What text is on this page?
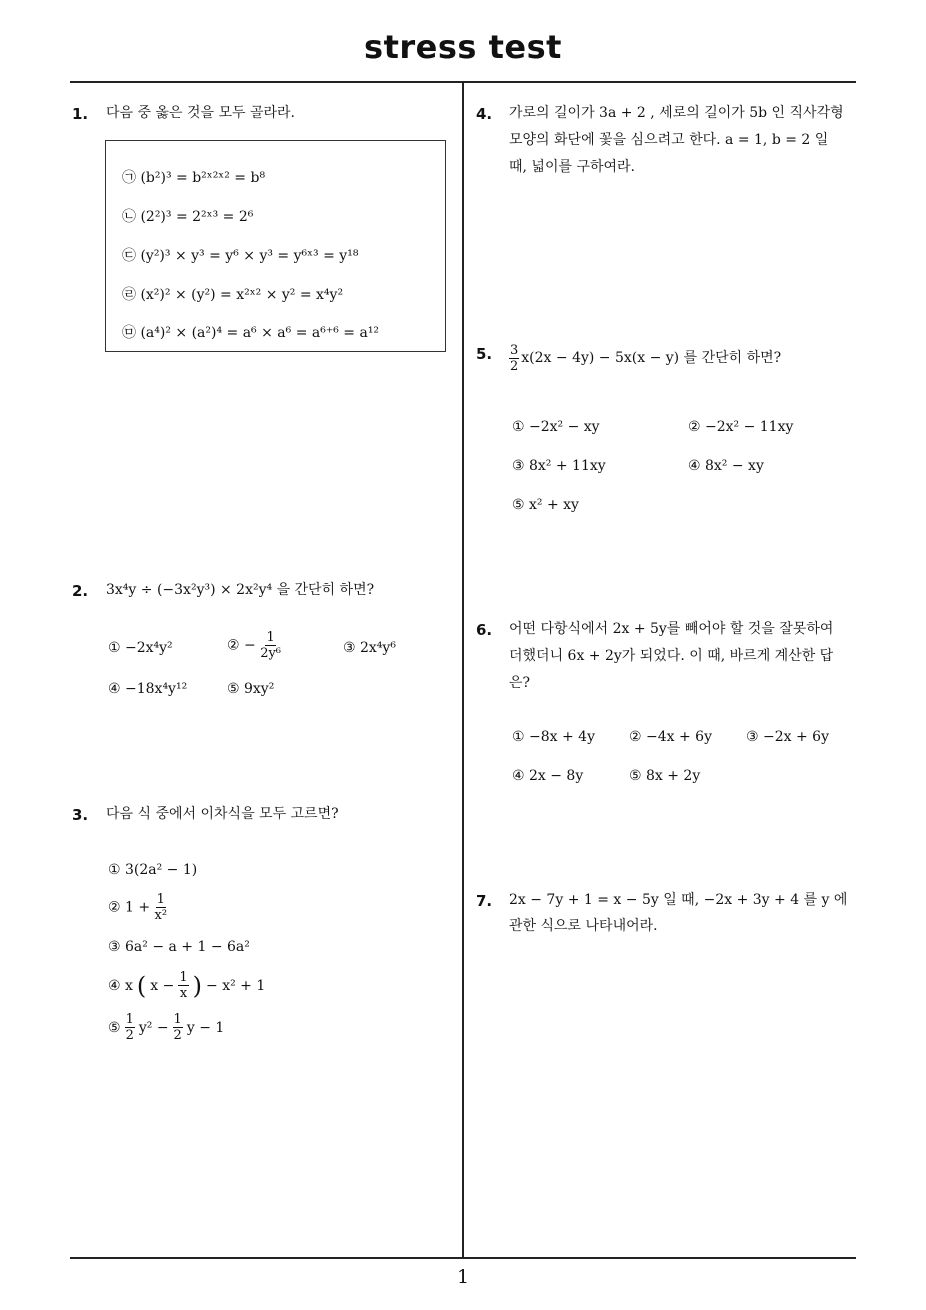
stress test
1
1. 다음 중 옳은 것을 모두 골라라.
㉠ (b²)³ = b²ˣ²ˣ² = b⁸
㉡ (2²)³ = 2²ˣ³ = 2⁶
㉢ (y²)³ × y³ = y⁶ × y³ = y⁶ˣ³ = y¹⁸
㉣ (x²)² × (y²) = x²ˣ² × y² = x⁴y²
㉤ (a⁴)² × (a²)⁴ = a⁶ × a⁶ = a⁶⁺⁶ = a¹²
2. 3x⁴y ÷ (−3x²y³) × 2x²y⁴ 을 간단히 하면?
① −2x⁴y²	② − $\frac{1}{\text{2y⁶}}$	③ 2x⁴y⁶
④ −18x⁴y¹²	⑤ 9xy²
3. 다음 식 중에서 이차식을 모두 고르면?
① 3(2a² − 1)
② $1 + \frac{1}{\text{x²}}$
③ 6a² − a + 1 − 6a²
④ x ( $x - \frac{1}{x}$ ) − x² + 1
⑤ $\frac{1}{2} y^2 - \frac{1}{2}$ y − 1
4. 가로의 길이가 3a + 2 , 세로의 길이가 5b 인 직사각형
모양의 화단에 꽃을 심으려고 한다. a = 1, b = 2 일
때, 넓이를 구하여라.
5. $\frac{3}{2} x(2x - 4y) - 5x(x - y)$ 를 간단히 하면?
① −2x² − xy	② −2x² − 11xy
③ 8x² + 11xy	④ 8x² − xy
⑤ x² + xy
6. 어떤 다항식에서 2x + 5y를 빼어야 할 것을 잘못하여
더했더니 6x + 2y가 되었다. 이 때, 바르게 계산한 답
은?
① −8x + 4y ② −4x + 6y ③ −2x + 6y
④ 2x − 8y	⑤ 8x + 2y
7. 2x − 7y + 1 = x − 5y 일 때, −2x + 3y + 4 를 y 에
관한 식으로 나타내어라.
